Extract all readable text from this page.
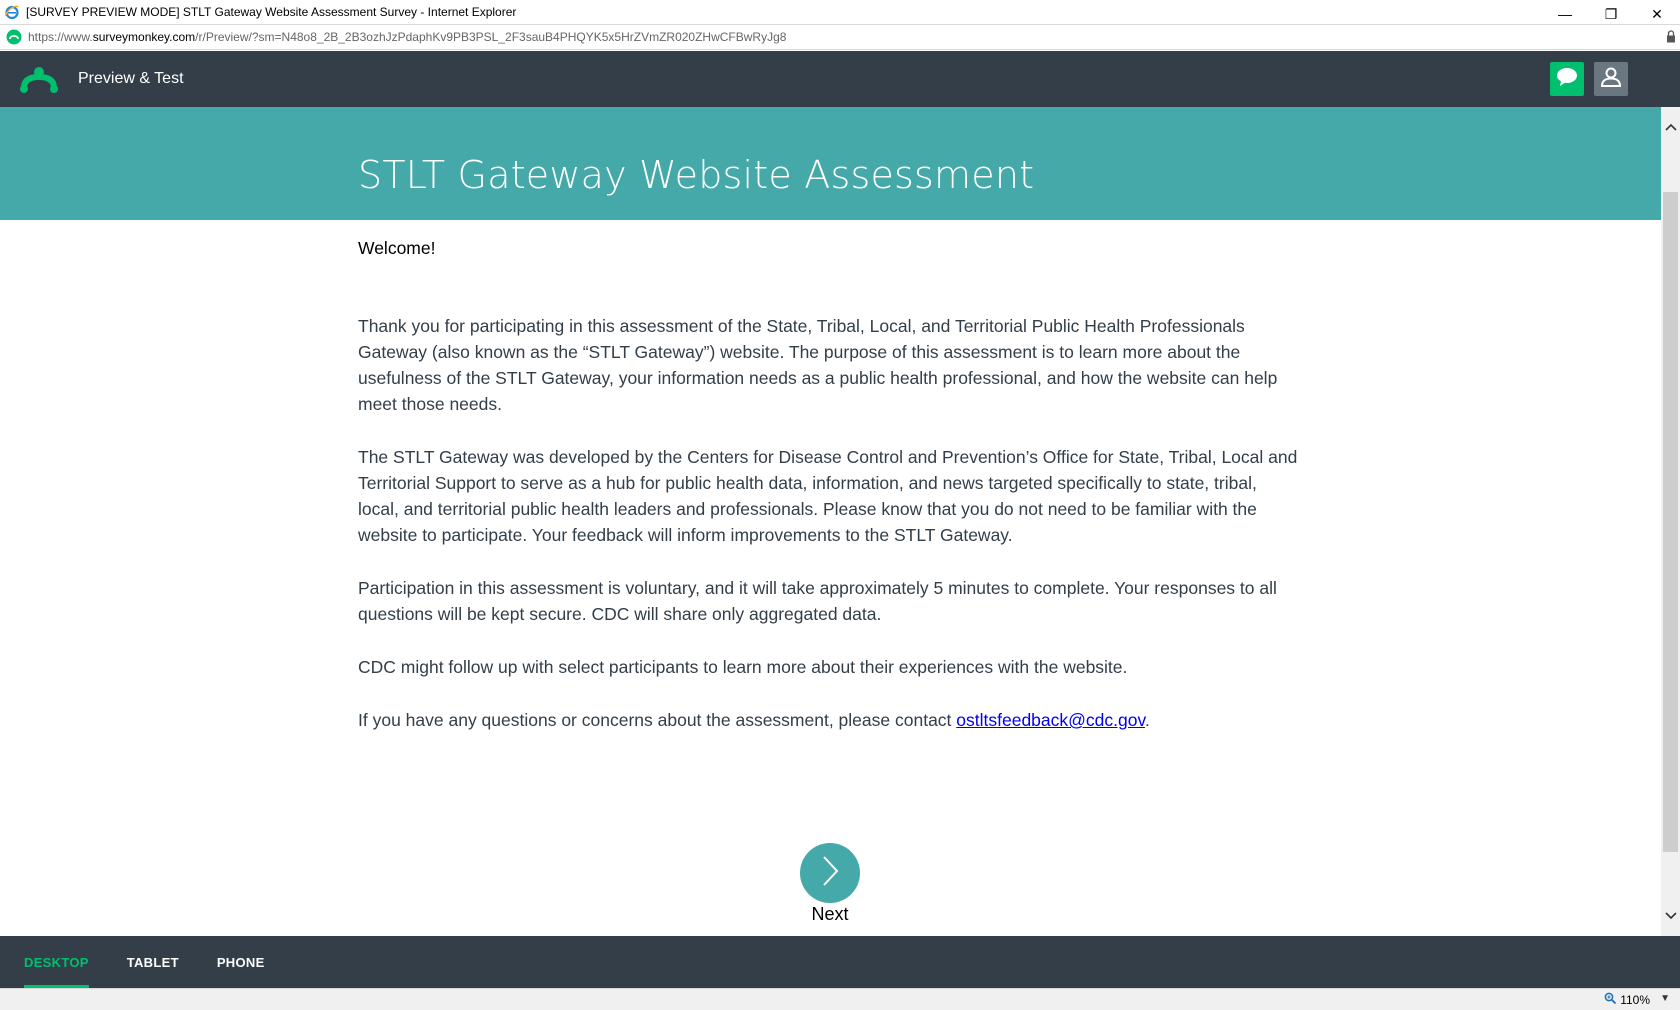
[SURVEY PREVIEW MODE] STLT Gateway Website Assessment Survey - Internet Explorer	—	❐	✕
https://www.surveymonkey.com/r/Preview/?sm=N48o8_2B_2B3ozhJzPdaphKv9PB3PSL_2F3sauB4PHQYK5x5HrZVmZR020ZHwCFBwRyJg8
Preview & Test
STLT Gateway Website Assessment
Welcome!

Thank you for participating in this assessment of the State, Tribal, Local, and Territorial Public Health Professionals Gateway (also known as the “STLT Gateway”) website. The purpose of this assessment is to learn more about the usefulness of the STLT Gateway, your information needs as a public health professional, and how the website can help meet those needs.

The STLT Gateway was developed by the Centers for Disease Control and Prevention’s Office for State, Tribal, Local and Territorial Support to serve as a hub for public health data, information, and news targeted specifically to state, tribal, local, and territorial public health leaders and professionals. Please know that you do not need to be familiar with the website to participate. Your feedback will inform improvements to the STLT Gateway.

Participation in this assessment is voluntary, and it will take approximately 5 minutes to complete. Your responses to all questions will be kept secure. CDC will share only aggregated data.

CDC might follow up with select participants to learn more about their experiences with the website.

If you have any questions or concerns about the assessment, please contact ostltsfeedback@cdc.gov.

Next
DESKTOP	TABLET	PHONE
110% ▼
